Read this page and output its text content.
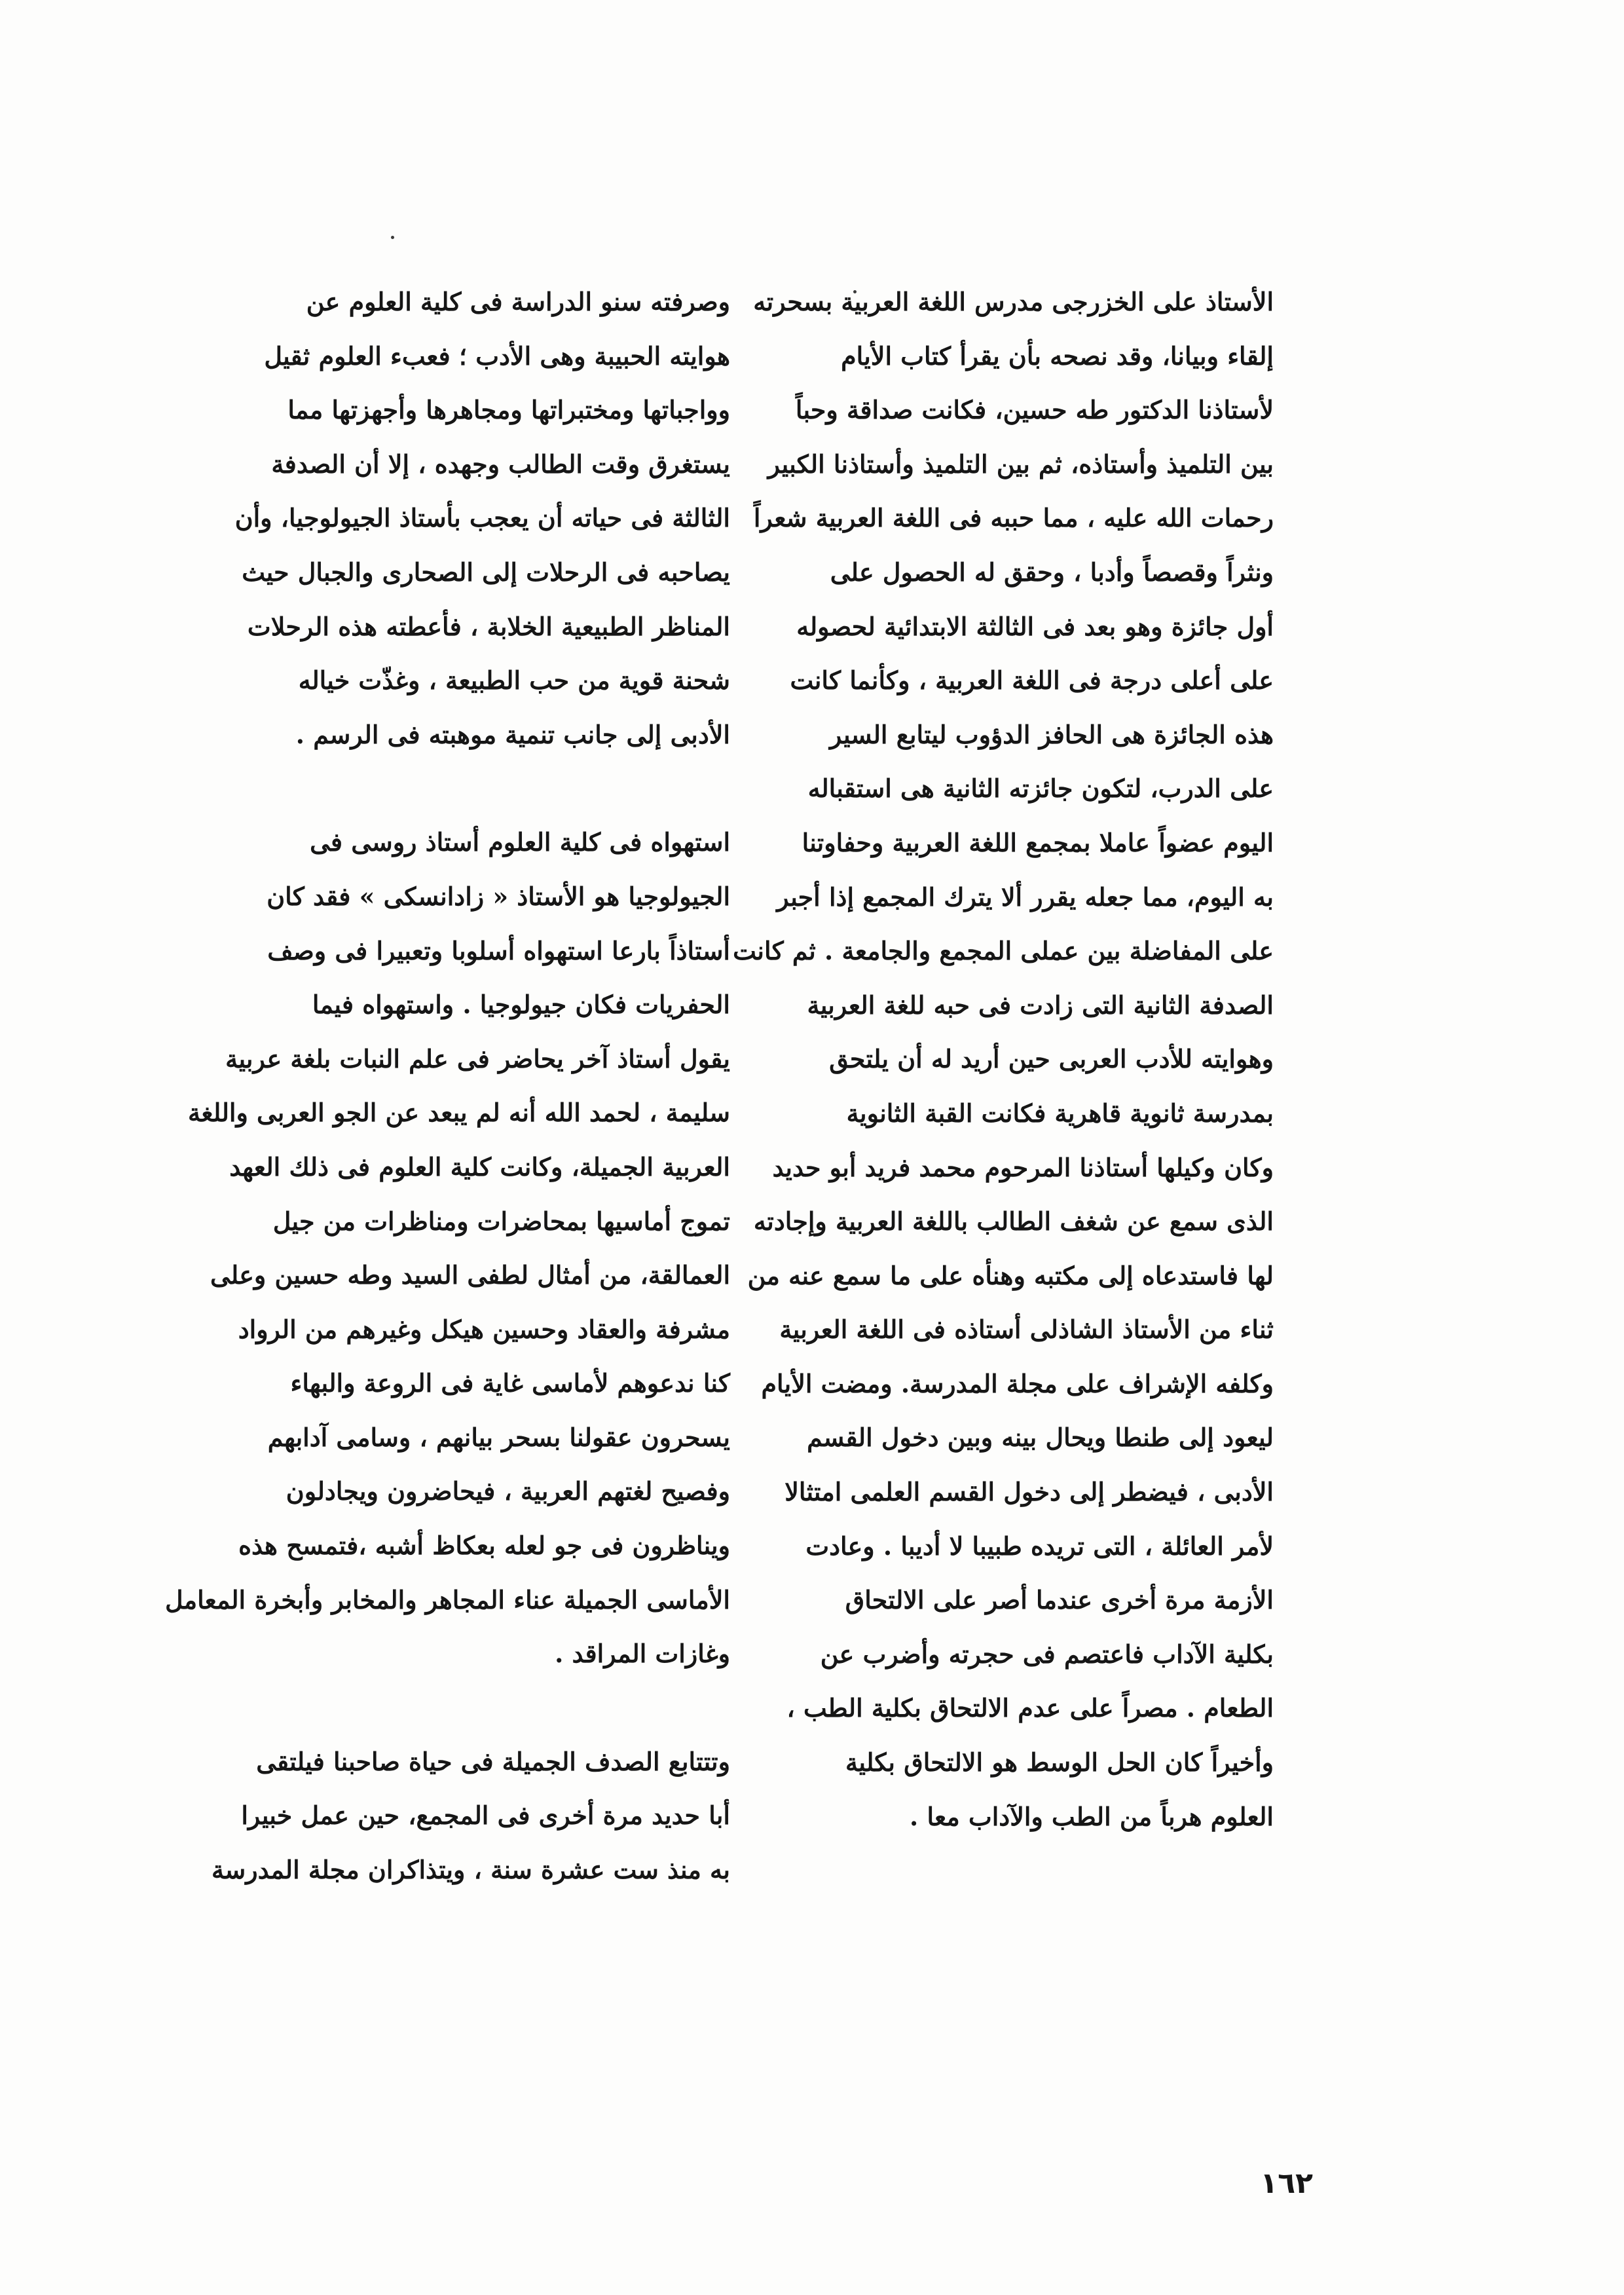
الأستاذ على الخزرجى مدرس اللغة العربية بسحرته
إلقاء وبيانا، وقد نصحه بأن يقرأ كتاب الأيام
لأستاذنا الدكتور طه حسين، فكانت صداقة وحباً
بين التلميذ وأستاذه، ثم بين التلميذ وأستاذنا الكبير
رحمات الله عليه ، مما حببه فى اللغة العربية شعراً
ونثراً وقصصاً وأدبا ، وحقق له الحصول على
أول جائزة وهو بعد فى الثالثة الابتدائية لحصوله
على أعلى درجة فى اللغة العربية ، وكأنما كانت
هذه الجائزة هى الحافز الدؤوب ليتابع السير
على الدرب، لتكون جائزته الثانية هى استقباله
اليوم عضواً عاملا بمجمع اللغة العربية وحفاوتنا
به اليوم، مما جعله يقرر ألا يترك المجمع إذا أجبر
على المفاضلة بين عملى المجمع والجامعة . ثم كانت
الصدفة الثانية التى زادت فى حبه للغة العربية
وهوايته للأدب العربى حين أريد له أن يلتحق
بمدرسة ثانوية قاهرية فكانت القبة الثانوية
وكان وكيلها أستاذنا المرحوم محمد فريد أبو حديد
الذى سمع عن شغف الطالب باللغة العربية وإجادته
لها فاستدعاه إلى مكتبه وهنأه على ما سمع عنه من
ثناء من الأستاذ الشاذلى أستاذه فى اللغة العربية
وكلفه الإشراف على مجلة المدرسة. ومضت الأيام
ليعود إلى طنطا ويحال بينه وبين دخول القسم
الأدبى ، فيضطر إلى دخول القسم العلمى امتثالا
لأمر العائلة ، التى تريده طبيبا لا أديبا . وعادت
الأزمة مرة أخرى عندما أصر على الالتحاق
بكلية الآداب فاعتصم فى حجرته وأضرب عن
الطعام . مصراً على عدم الالتحاق بكلية الطب ،
وأخيراً كان الحل الوسط هو الالتحاق بكلية
العلوم هرباً من الطب والآداب معا .

وصرفته سنو الدراسة فى كلية العلوم عن
هوايته الحبيبة وهى الأدب ؛ فعبء العلوم ثقيل
وواجباتها ومختبراتها ومجاهرها وأجهزتها مما
يستغرق وقت الطالب وجهده ، إلا أن الصدفة
الثالثة فى حياته أن يعجب بأستاذ الجيولوجيا، وأن
يصاحبه فى الرحلات إلى الصحارى والجبال حيث
المناظر الطبيعية الخلابة ، فأعطته هذه الرحلات
شحنة قوية من حب الطبيعة ، وغذّت خياله
الأدبى إلى جانب تنمية موهبته فى الرسم .

استهواه فى كلية العلوم أستاذ روسى فى
الجيولوجيا هو الأستاذ « زادانسكى » فقد كان
أستاذاً بارعا استهواه أسلوبا وتعبيرا فى وصف
الحفريات فكان جيولوجيا . واستهواه فيما
يقول أستاذ آخر يحاضر فى علم النبات بلغة عربية
سليمة ، لحمد الله أنه لم يبعد عن الجو العربى واللغة
العربية الجميلة، وكانت كلية العلوم فى ذلك العهد
تموج أماسيها بمحاضرات ومناظرات من جيل
العمالقة، من أمثال لطفى السيد وطه حسين وعلى
مشرفة والعقاد وحسين هيكل وغيرهم من الرواد
كنا ندعوهم لأماسى غاية فى الروعة والبهاء
يسحرون عقولنا بسحر بيانهم ، وسامى آدابهم
وفصيح لغتهم العربية ، فيحاضرون ويجادلون
ويناظرون فى جو لعله بعكاظ أشبه ،فتمسح هذه
الأماسى الجميلة عناء المجاهر والمخابر وأبخرة المعامل
وغازات المراقد .

وتتتابع الصدف الجميلة فى حياة صاحبنا فيلتقى
أبا حديد مرة أخرى فى المجمع، حين عمل خبيرا
به منذ ست عشرة سنة ، ويتذاكران مجلة المدرسة

١٦٢
